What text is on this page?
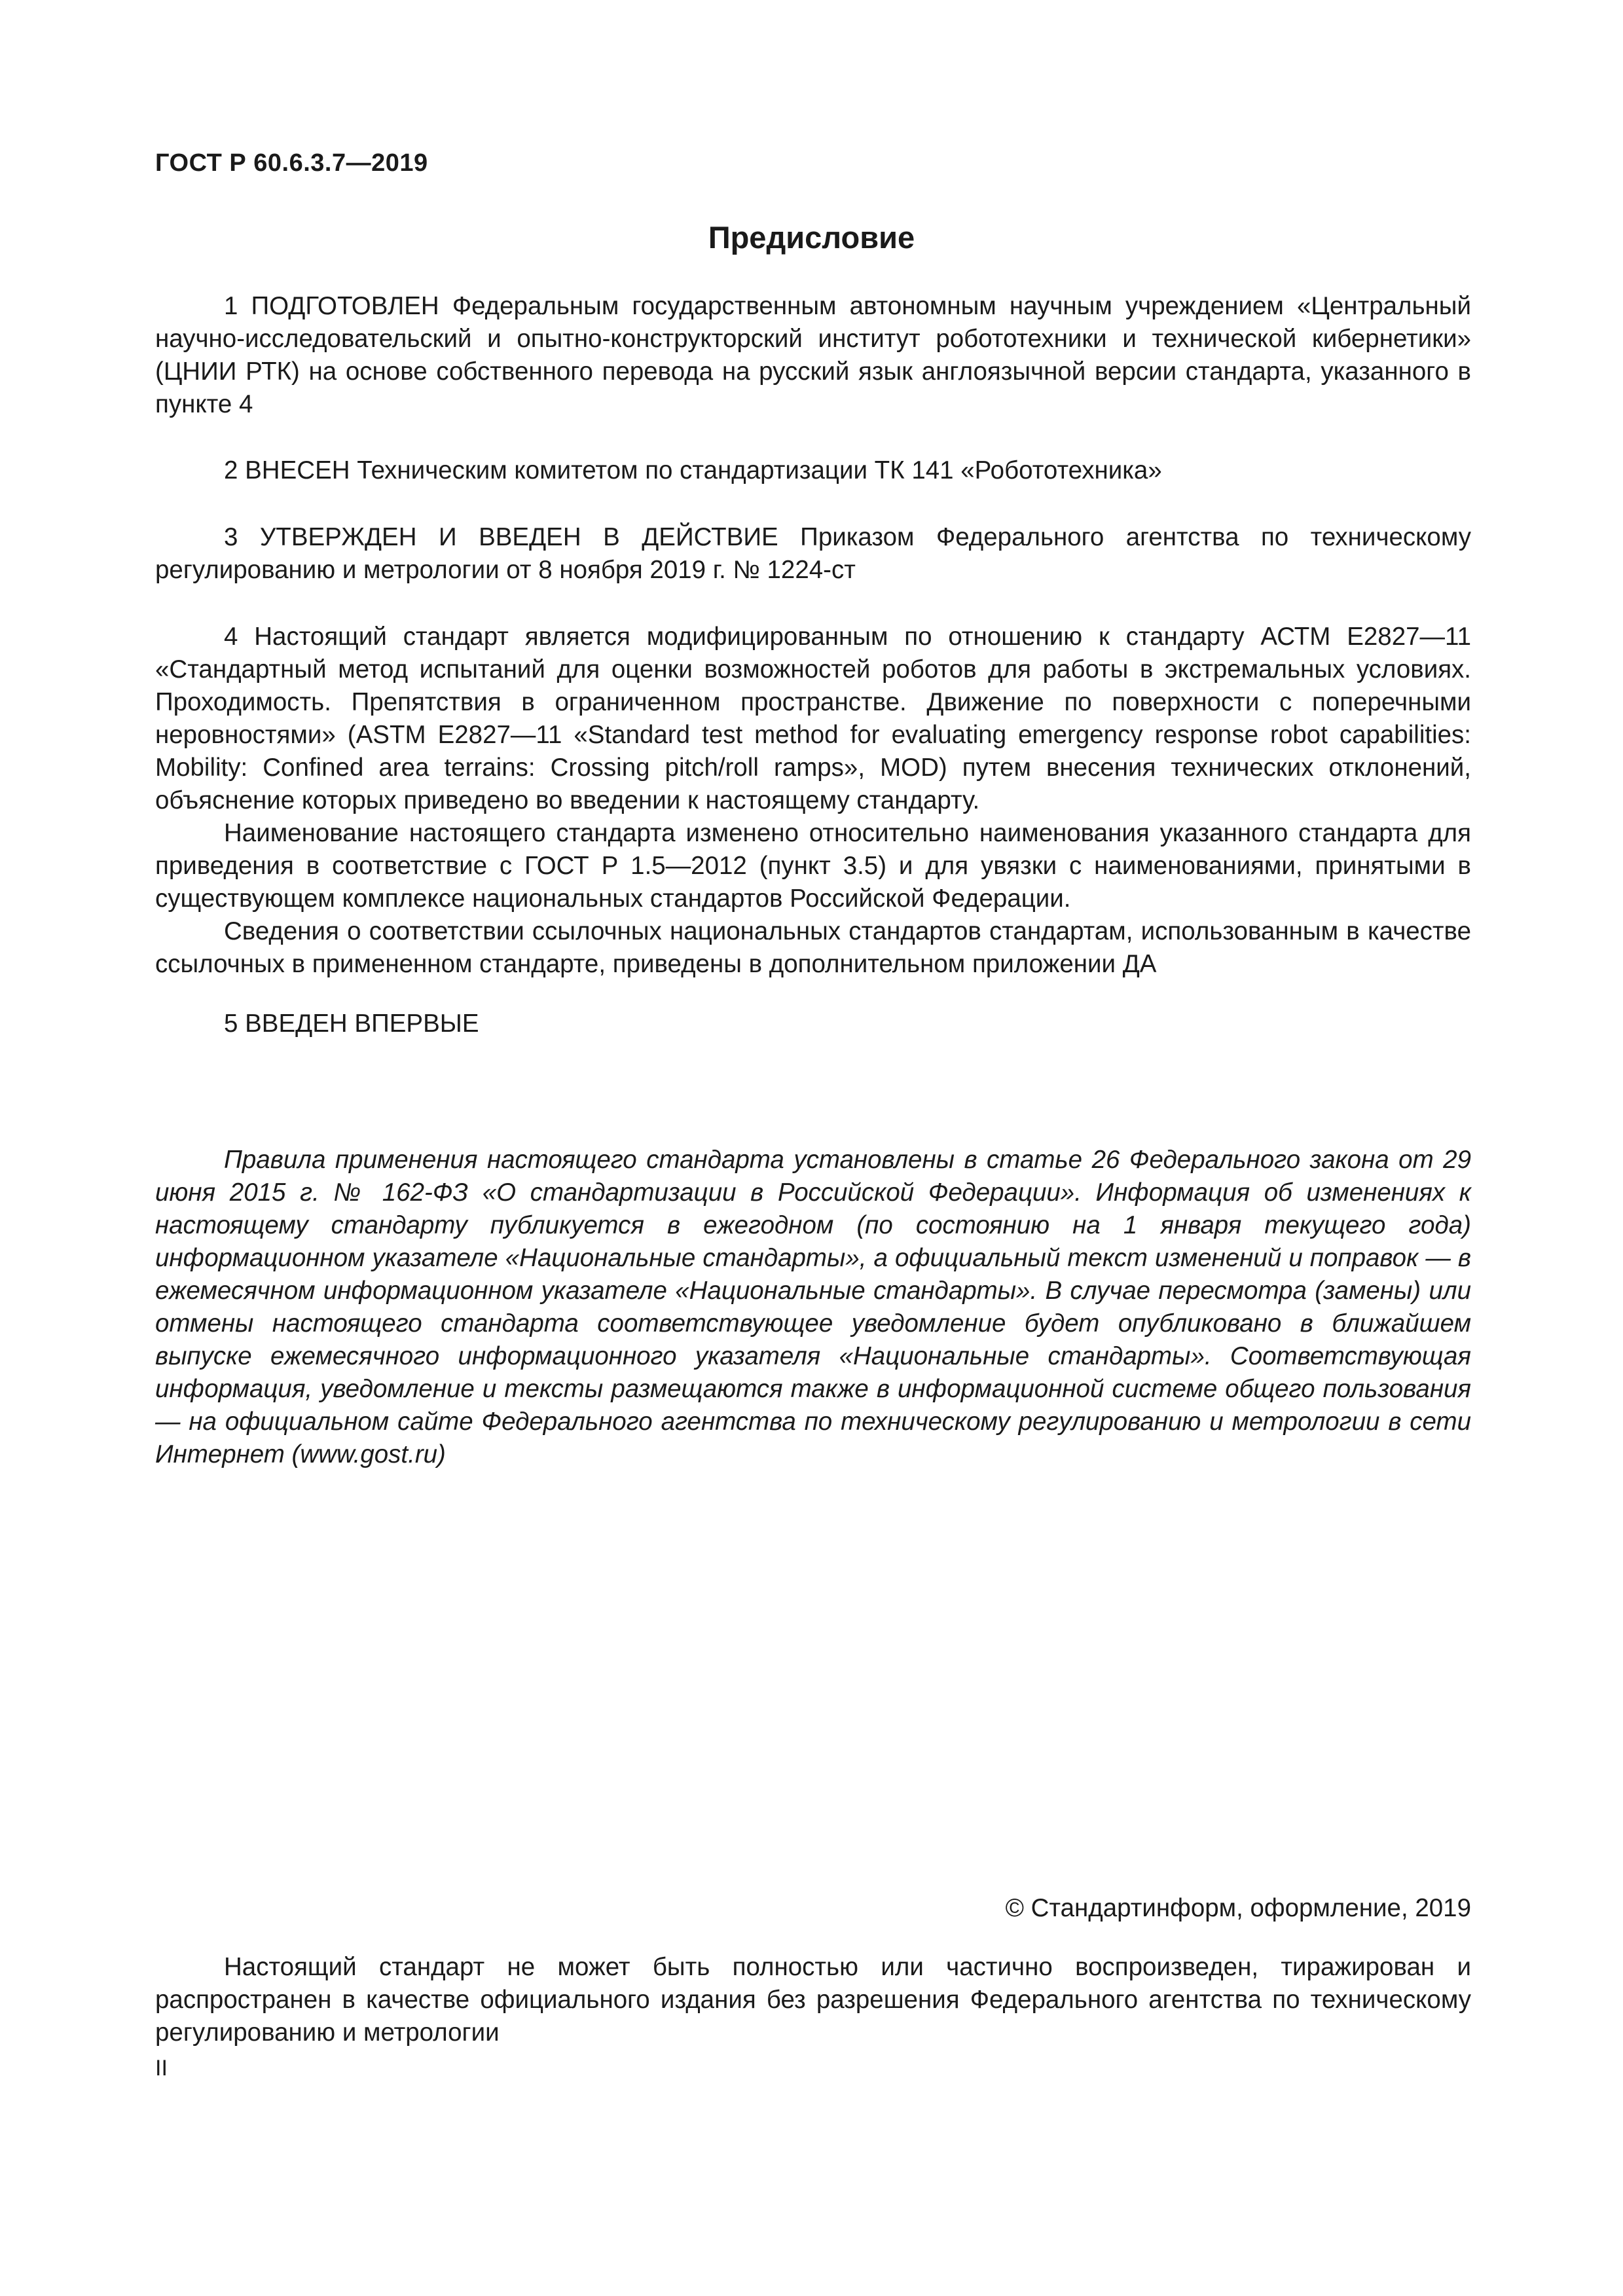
ГОСТ Р 60.6.3.7—2019
Предисловие

1 ПОДГОТОВЛЕН Федеральным государственным автономным научным учреждением «Центральный научно-исследовательский и опытно-конструкторский институт робототехники и технической кибернетики» (ЦНИИ РТК) на основе собственного перевода на русский язык англоязычной версии стандарта, указанного в пункте 4

2 ВНЕСЕН Техническим комитетом по стандартизации ТК 141 «Робототехника»

3 УТВЕРЖДЕН И ВВЕДЕН В ДЕЙСТВИЕ Приказом Федерального агентства по техническому регулированию и метрологии от 8 ноября 2019 г. № 1224-ст

4 Настоящий стандарт является модифицированным по отношению к стандарту АСТМ Е2827—11 «Стандартный метод испытаний для оценки возможностей роботов для работы в экстремальных условиях. Проходимость. Препятствия в ограниченном пространстве. Движение по поверхности с поперечными неровностями» (ASTM E2827—11 «Standard test method for evaluating emergency response robot capabilities: Mobility: Confined area terrains: Crossing pitch/roll ramps», MOD) путем внесения технических отклонений, объяснение которых приведено во введении к настоящему стандарту.

Наименование настоящего стандарта изменено относительно наименования указанного стандарта для приведения в соответствие с ГОСТ Р 1.5—2012 (пункт 3.5) и для увязки с наименованиями, принятыми в существующем комплексе национальных стандартов Российской Федерации.

Сведения о соответствии ссылочных национальных стандартов стандартам, использованным в качестве ссылочных в примененном стандарте, приведены в дополнительном приложении ДА

5 ВВЕДЕН ВПЕРВЫЕ

Правила применения настоящего стандарта установлены в статье 26 Федерального закона от 29 июня 2015 г. № 162-ФЗ «О стандартизации в Российской Федерации». Информация об изменениях к настоящему стандарту публикуется в ежегодном (по состоянию на 1 января текущего года) информационном указателе «Национальные стандарты», а официальный текст изменений и поправок — в ежемесячном информационном указателе «Национальные стандарты». В случае пересмотра (замены) или отмены настоящего стандарта соответствующее уведомление будет опубликовано в ближайшем выпуске ежемесячного информационного указателя «Национальные стандарты». Соответствующая информация, уведомление и тексты размещаются также в информационной системе общего пользования — на официальном сайте Федерального агентства по техническому регулированию и метрологии в сети Интернет (www.gost.ru)
© Стандартинформ, оформление, 2019
Настоящий стандарт не может быть полностью или частично воспроизведен, тиражирован и распространен в качестве официального издания без разрешения Федерального агентства по техническому регулированию и метрологии
II
